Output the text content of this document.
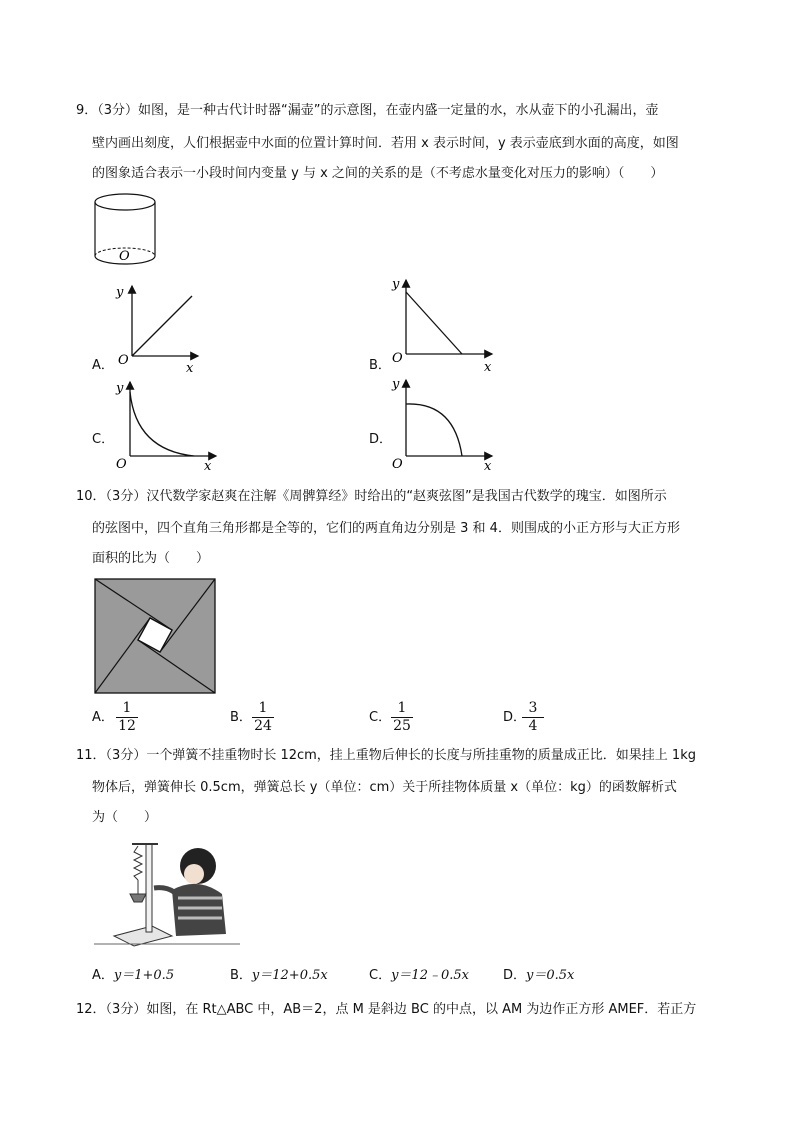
9．（3分）如图，是一种古代计时器“漏壶”的示意图，在壶内盛一定量的水，水从壶下的小孔漏出，壶
壁内画出刻度，人们根据壶中水面的位置计算时间．若用 x 表示时间，y 表示壶底到水面的高度，如图
的图象适合表示一小段时间内变量 y 与 x 之间的关系的是（不考虑水量变化对压力的影响）（　　）
O
A．
y
x
O	B．
y
x
O
C．
y
x
O
D．
y
x
O
10．（3分）汉代数学家赵爽在注解《周髀算经》时给出的“赵爽弦图”是我国古代数学的瑰宝．如图所示
的弦图中，四个直角三角形都是全等的，它们的两直角边分别是 3 和 4．则围成的小正方形与大正方形
面积的比为（　　）
A．
1
12
B．
1
24
C．
1
25
D．
3
4
11．（3分）一个弹簧不挂重物时长 12cm，挂上重物后伸长的长度与所挂重物的质量成正比．如果挂上 1kg
物体后，弹簧伸长 0.5cm，弹簧总长 y（单位：cm）关于所挂物体质量 x（单位：kg）的函数解析式
为（　　）
A．y＝1+0.5	B．y＝12+0.5x	C．y＝12﹣0.5x	D．y＝0.5x
12．（3分）如图，在 Rt△ABC 中，AB＝2，点 M 是斜边 BC 的中点，以 AM 为边作正方形 AMEF．若正方
